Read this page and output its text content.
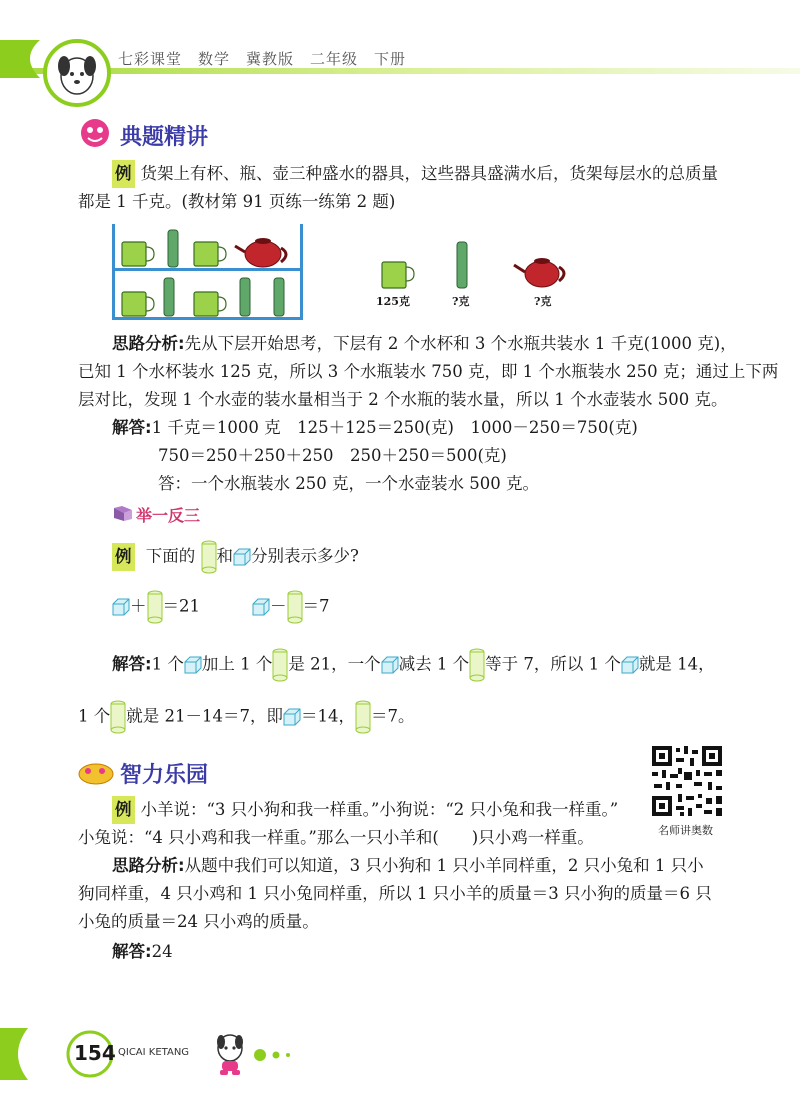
七彩课堂　数学　冀教版　二年级　下册
典题精讲
例 货架上有杯、瓶、壶三种盛水的器具，这些器具盛满水后，货架每层水的总质量
都是 1 千克。(教材第 91 页练一练第 2 题)
125克	?克	?克
思路分析:先从下层开始思考，下层有 2 个水杯和 3 个水瓶共装水 1 千克(1000 克)，
已知 1 个水杯装水 125 克，所以 3 个水瓶装水 750 克，即 1 个水瓶装水 250 克；通过上下两
层对比，发现 1 个水壶的装水量相当于 2 个水瓶的装水量，所以 1 个水壶装水 500 克。
解答:1 千克＝1000 克　125＋125＝250(克)　1000－250＝750(克)
750＝250＋250＋250　250＋250＝500(克)
答：一个水瓶装水 250 克，一个水壶装水 500 克。
举一反三
例 下面的 和 分别表示多少?
＋ ＝21	－ ＝7
解答:1 个 加上 1 个 是 21，一个 减去 1 个 等于 7，所以 1 个 就是 14，
1 个 就是 21－14＝7，即 ＝14， ＝7。
智力乐园
名师讲奥数
例 小羊说：“3 只小狗和我一样重。”小狗说：“2 只小兔和我一样重。”
小兔说：“4 只小鸡和我一样重。”那么一只小羊和(　　)只小鸡一样重。
思路分析:从题中我们可以知道，3 只小狗和 1 只小羊同样重，2 只小兔和 1 只小
狗同样重，4 只小鸡和 1 只小兔同样重，所以 1 只小羊的质量＝3 只小狗的质量＝6 只
小兔的质量＝24 只小鸡的质量。
解答:24
154 QICAI KETANG
